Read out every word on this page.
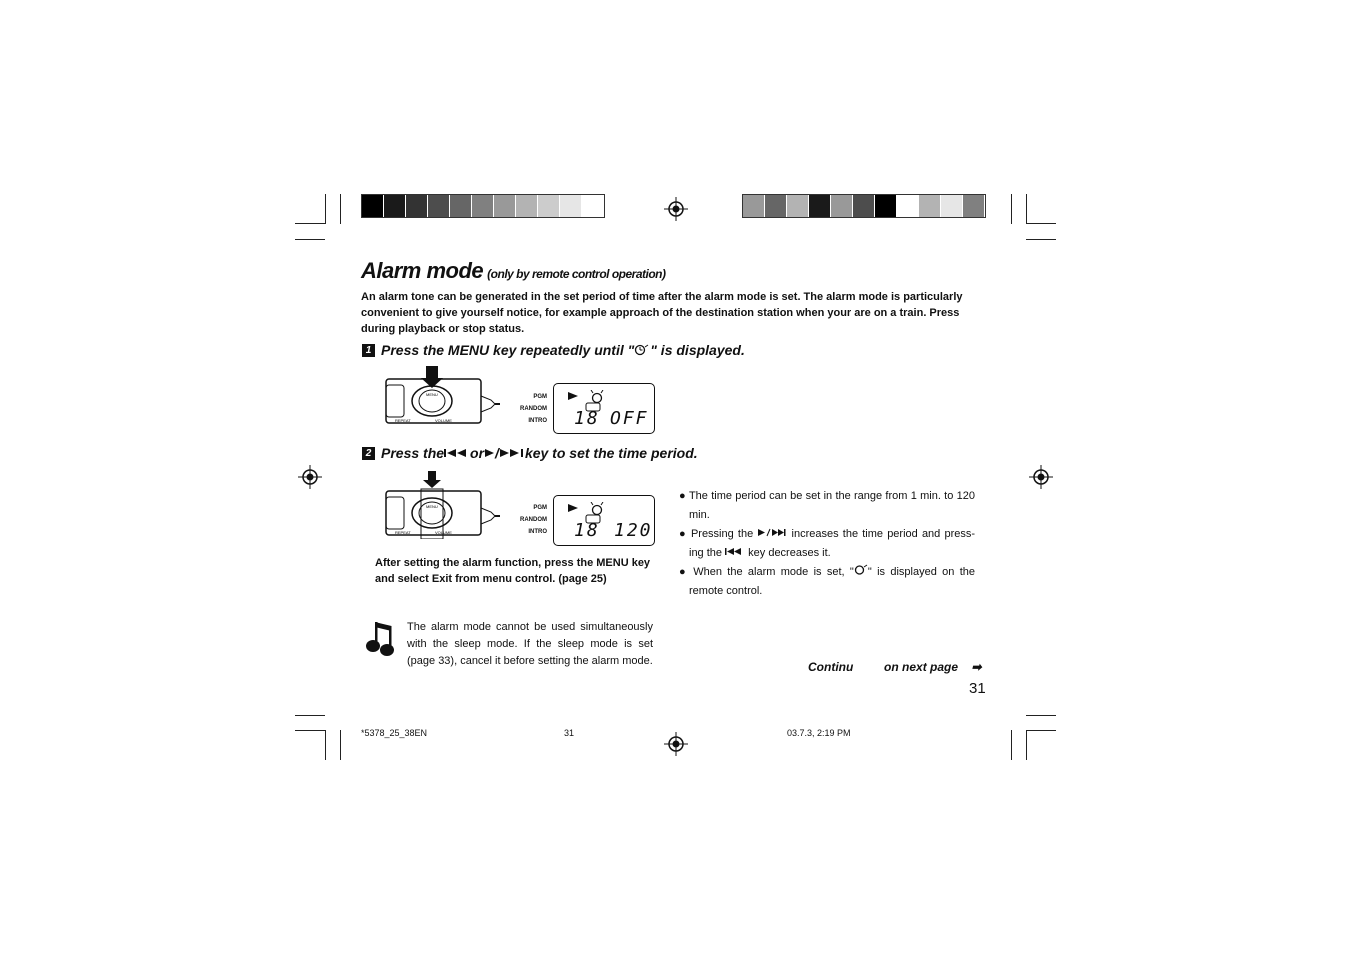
Alarm mode (only by remote control operation)
An alarm tone can be generated in the set period of time after the alarm mode is set. The alarm mode is particularly convenient to give yourself notice, for example approach of the destination station when your are on a train. Press during playback or stop status.
1 Press the MENU key repeatedly until " " is displayed.
MENU
REPEAT	VOLUME
PGM
RANDOM
INTRO 18 OFF
2 Press the or / key to set the time period.
MENU
REPEAT	VOLUME
PGM
RANDOM
INTRO 18 120
After setting the alarm function, press the MENU key and select Exit from menu control. (page 25)

● The time period can be set in the range from 1 min. to 120 min.

● Pressing the	increases the time period and press-ing the  key decreases it.

● When the alarm mode is set, " " is displayed on the remote control.

The alarm mode cannot be used simultaneously with the sleep mode. If the sleep mode is set (page 33), cancel it before setting the alarm mode.	Continu	on next page ➡
31
*5378_25_38EN	31	03.7.3, 2:19 PM
